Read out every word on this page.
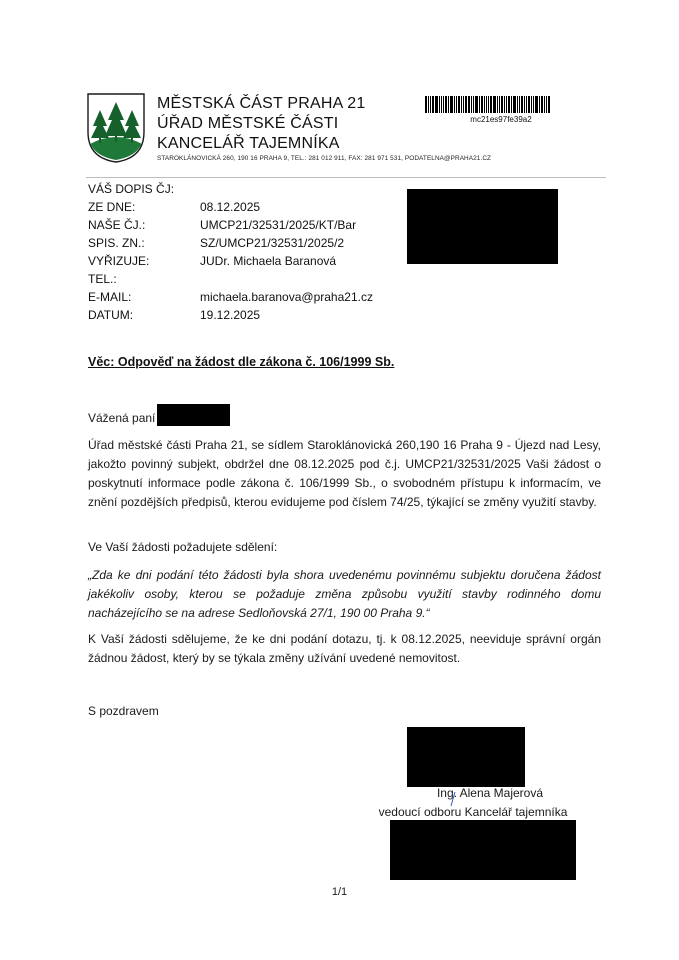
MĚSTSKÁ ČÁST PRAHA 21
ÚŘAD MĚSTSKÉ ČÁSTI
KANCELÁŘ TAJEMNÍKA
STAROKLÁNOVICKÁ 260, 190 16 PRAHA 9, TEL.: 281 012 911, FAX: 281 971 531, PODATELNA@PRAHA21.CZ
mc21es97fe39a2
VÁŠ DOPIS ČJ:
ZE DNE:	08.12.2025
NAŠE ČJ.:	UMCP21/32531/2025/KT/Bar
SPIS. ZN.:	SZ/UMCP21/32531/2025/2
VYŘIZUJE:	JUDr. Michaela Baranová
TEL.:
E-MAIL:	michaela.baranova@praha21.cz
DATUM:	19.12.2025
Věc: Odpověď na žádost dle zákona č. 106/1999 Sb.
Vážená paní
Úřad městské části Praha 21, se sídlem Staroklánovická 260,190 16 Praha 9 - Újezd nad Lesy, jakožto povinný subjekt, obdržel dne 08.12.2025 pod č.j. UMCP21/32531/2025 Vaši žádost o poskytnutí informace podle zákona č. 106/1999 Sb., o svobodném přístupu k informacím, ve znění pozdějších předpisů, kterou evidujeme pod číslem 74/25, týkající se změny využití stavby.
Ve Vaší žádosti požadujete sdělení:
„Zda ke dni podání této žádosti byla shora uvedenému povinnému subjektu doručena žádost jakékoliv osoby, kterou se požaduje změna způsobu využití stavby rodinného domu nacházejícího se na adrese Sedloňovská 27/1, 190 00 Praha 9.“
K Vaší žádosti sdělujeme, že ke dni podání dotazu, tj. k 08.12.2025, neeviduje správní orgán žádnou žádost, který by se týkala změny užívání uvedené nemovitost.
S pozdravem
Ing. Alena Majerová
vedoucí odboru Kancelář tajemníka
1/1
